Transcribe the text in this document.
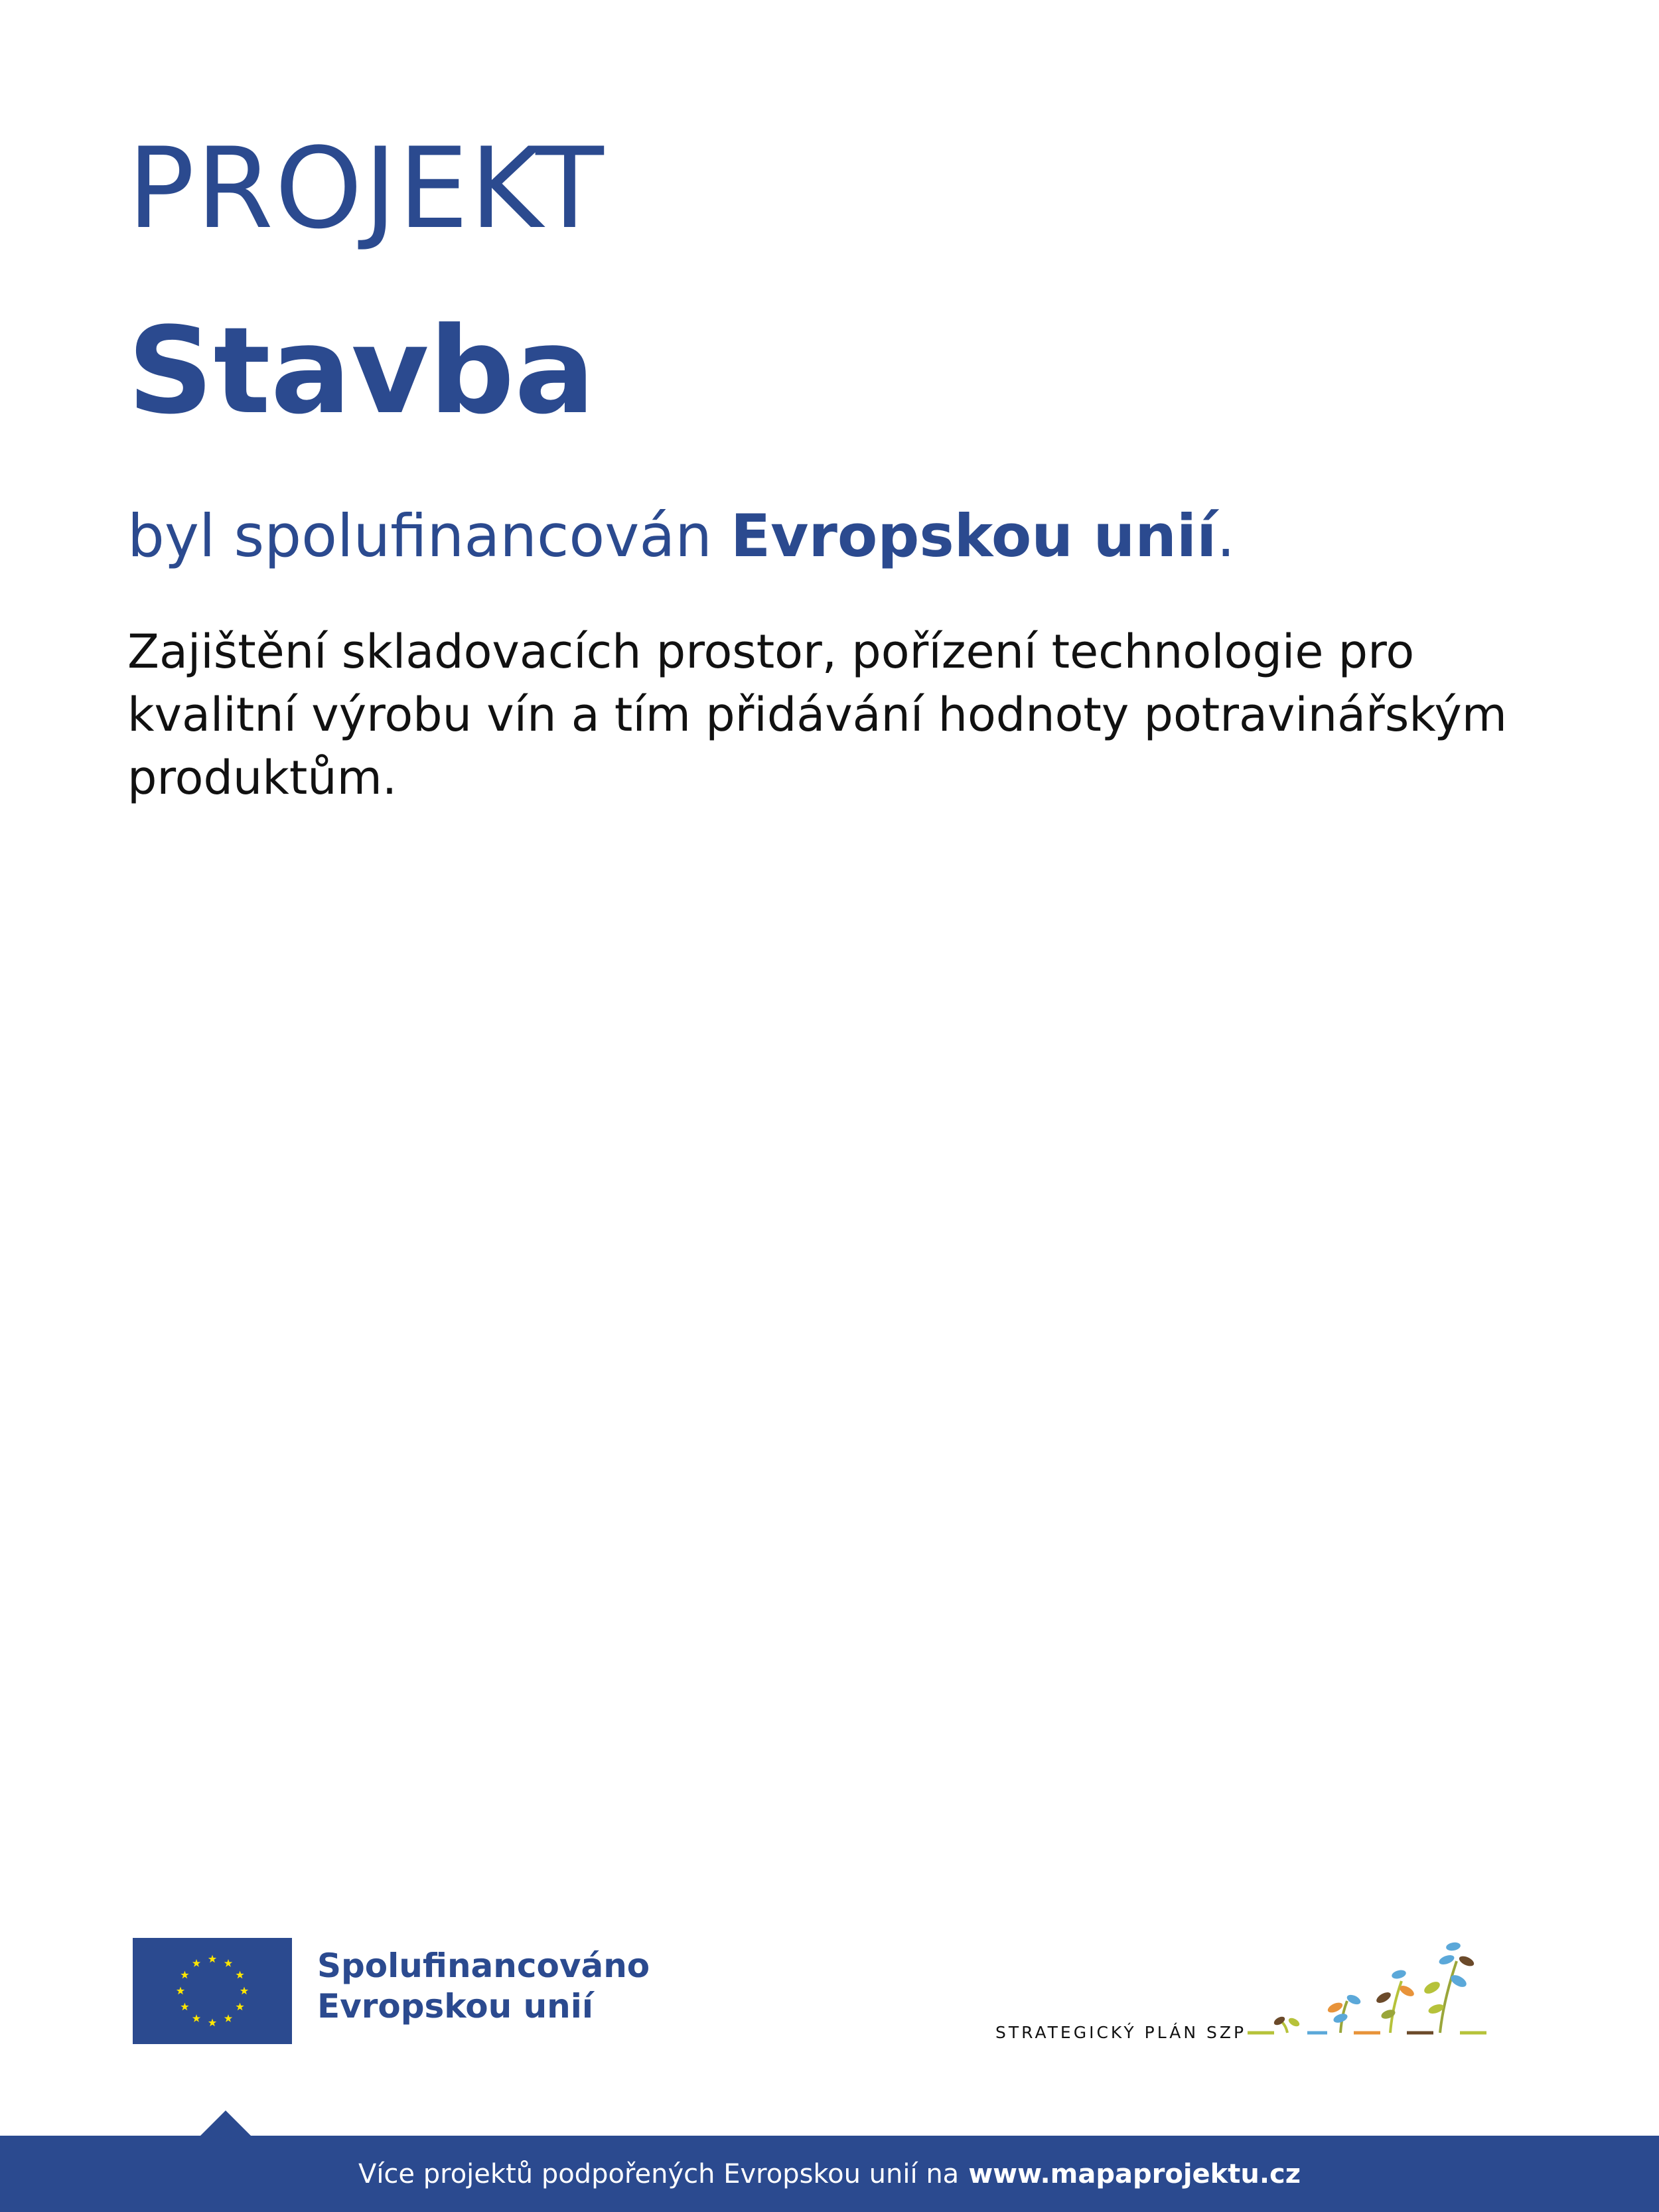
PROJEKT
Stavba
byl spolufinancován Evropskou unií.
Zajištění skladovacích prostor, pořízení technologie pro kvalitní výrobu vín a tím přidávání hodnoty potravinářským produktům.
Spolufinancováno
Evropskou unií
STRATEGICKÝ PLÁN SZP
Více projektů podpořených Evropskou unií na www.mapaprojektu.cz
